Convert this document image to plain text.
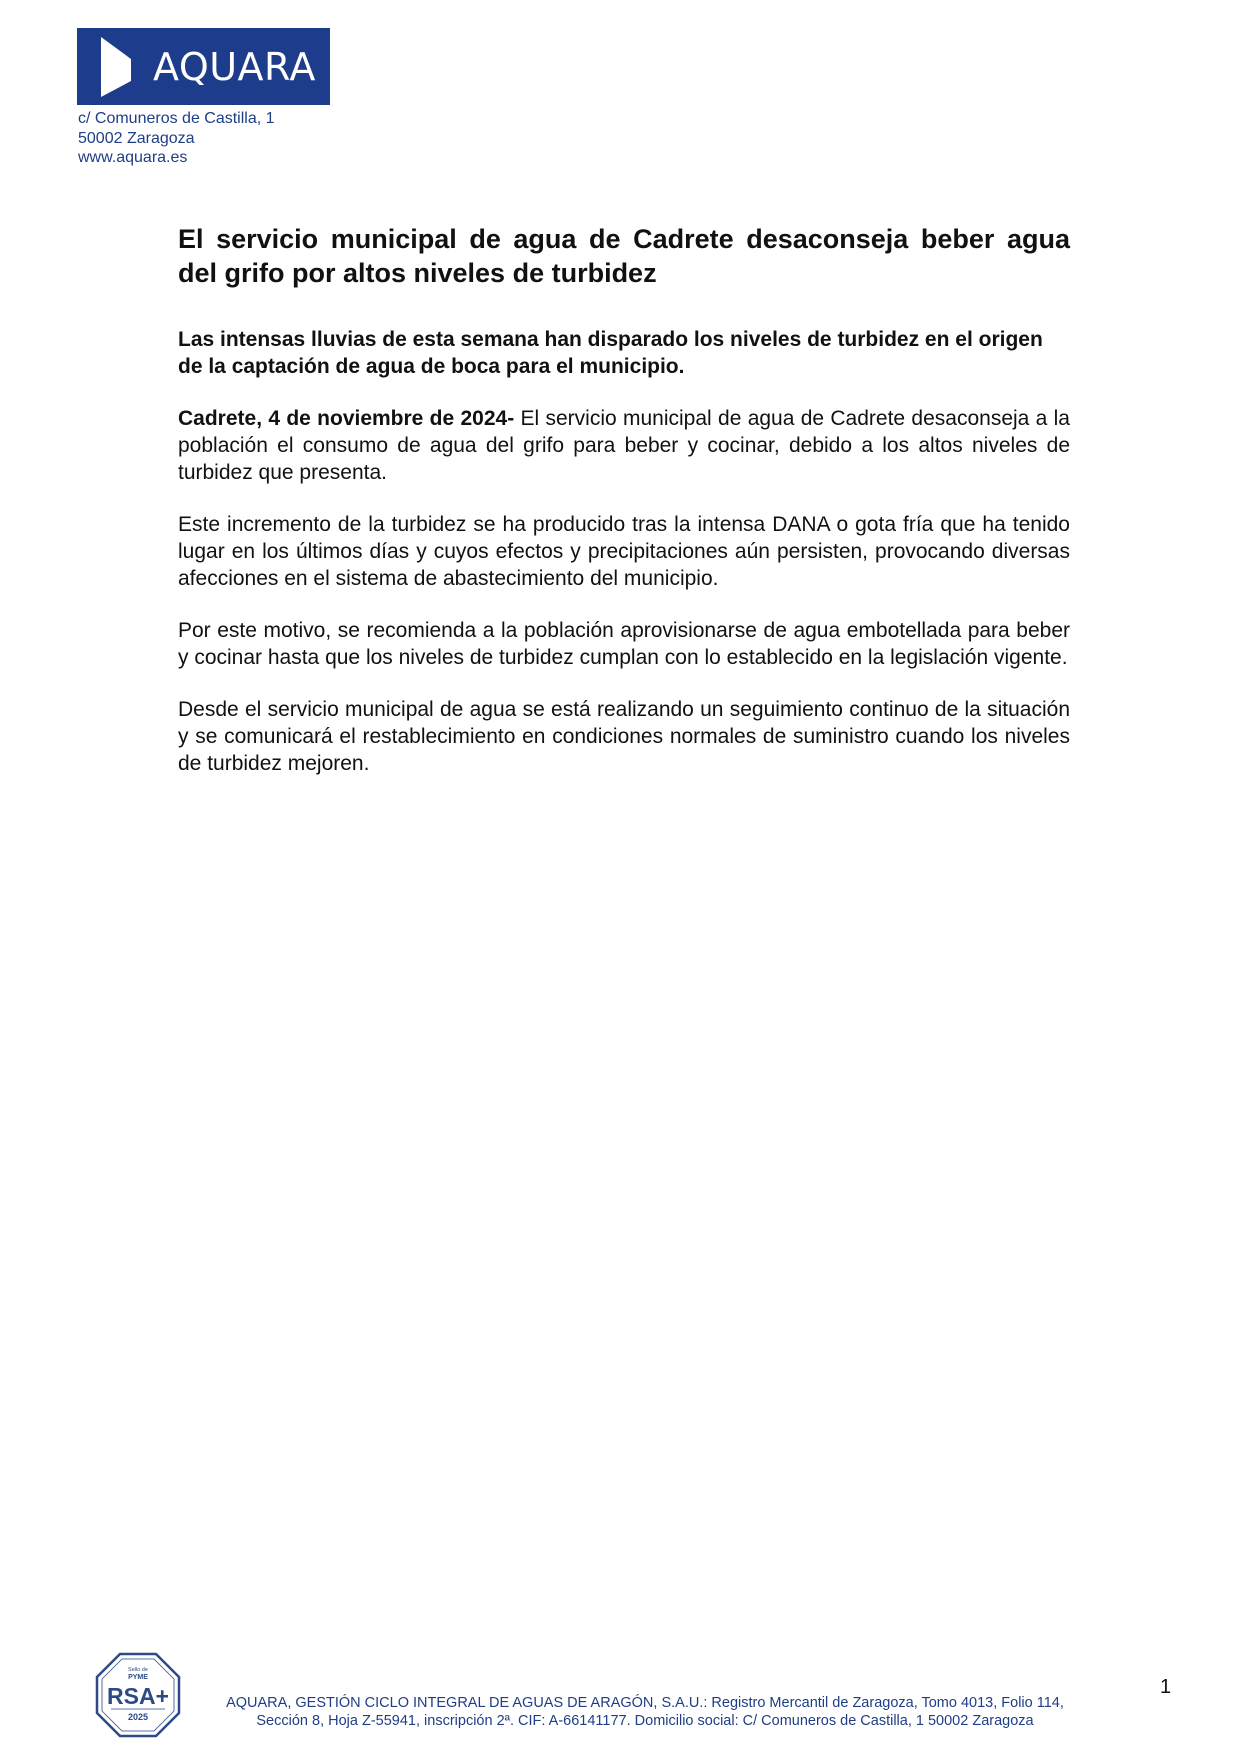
AQUARA
c/ Comuneros de Castilla, 1
50002 Zaragoza
www.aquara.es
El servicio municipal de agua de Cadrete desaconseja beber agua del grifo por altos niveles de turbidez

Las intensas lluvias de esta semana han disparado los niveles de turbidez en el origen de la captación de agua de boca para el municipio.

Cadrete, 4 de noviembre de 2024- El servicio municipal de agua de Cadrete desaconseja a la población el consumo de agua del grifo para beber y cocinar, debido a los altos niveles de turbidez que presenta.

Este incremento de la turbidez se ha producido tras la intensa DANA o gota fría que ha tenido lugar en los últimos días y cuyos efectos y precipitaciones aún persisten, provocando diversas afecciones en el sistema de abastecimiento del municipio.

Por este motivo, se recomienda a la población aprovisionarse de agua embotellada para beber y cocinar hasta que los niveles de turbidez cumplan con lo establecido en la legislación vigente.

Desde el servicio municipal de agua se está realizando un seguimiento continuo de la situación y se comunicará el restablecimiento en condiciones normales de suministro cuando los niveles de turbidez mejoren.

Sello de
PYME
RSA+
2025
AQUARA, GESTIÓN CICLO INTEGRAL DE AGUAS DE ARAGÓN, S.A.U.: Registro Mercantil de Zaragoza, Tomo 4013, Folio 114,
Sección 8, Hoja Z-55941, inscripción 2ª. CIF: A-66141177. Domicilio social: C/ Comuneros de Castilla, 1 50002 Zaragoza
1
